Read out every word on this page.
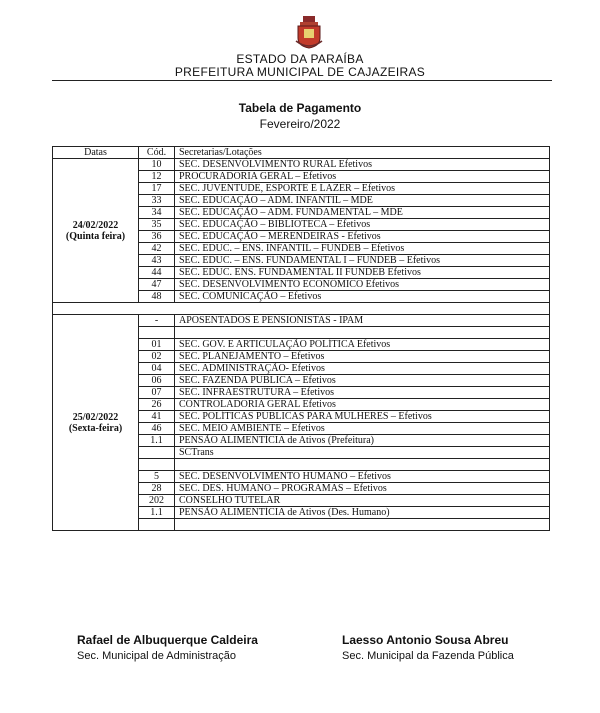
ESTADO DA PARAÍBA
PREFEITURA MUNICIPAL DE CAJAZEIRAS
Tabela de Pagamento
Fevereiro/2022
Datas	Cód.	Secretarias/Lotações

24/02/2022
(Quinta feira)	10	SEC. DESENVOLVIMENTO RURAL Efetivos
	12	PROCURADORIA GERAL – Efetivos
	17	SEC. JUVENTUDE, ESPORTE E LAZER – Efetivos
	33	SEC. EDUCAÇÃO – ADM. INFANTIL – MDE
	34	SEC. EDUCAÇÃO – ADM. FUNDAMENTAL – MDE
	35	SEC. EDUCAÇÃO – BIBLIOTECA – Efetivos
	36	SEC. EDUCAÇÃO – MERENDEIRAS - Efetivos
	42	SEC. EDUC. – ENS. INFANTIL – FUNDEB – Efetivos
	43	SEC. EDUC. – ENS. FUNDAMENTAL I – FUNDEB – Efetivos
	44	SEC. EDUC. ENS. FUNDAMENTAL II FUNDEB Efetivos
	47	SEC. DESENVOLVIMENTO ECONÔMICO Efetivos
	48	SEC. COMUNICAÇÃO – Efetivos

25/02/2022
(Sexta-feira)	-	APOSENTADOS E PENSIONISTAS - IPAM

	01	SEC. GOV. E ARTICULAÇÃO POLÍTICA Efetivos
	02	SEC. PLANEJAMENTO – Efetivos
	04	SEC. ADMINISTRAÇÃO- Efetivos
	06	SEC. FAZENDA PÚBLICA – Efetivos
	07	SEC. INFRAESTRUTURA – Efetivos
	26	CONTROLADORIA GERAL Efetivos
	41	SEC. POLÍTICAS PÚBLICAS PARA MULHERES – Efetivos
	46	SEC. MEIO AMBIENTE – Efetivos
	1.1	PENSÃO ALIMENTÍCIA de Ativos (Prefeitura)
		SCTrans

	5	SEC. DESENVOLVIMENTO HUMANO – Efetivos
	28	SEC. DES. HUMANO – PROGRAMAS – Efetivos
	202	CONSELHO TUTELAR
	1.1	PENSÃO ALIMENTÍCIA de Ativos (Des. Humano)

Rafael de Albuquerque Caldeira
Sec. Municipal de Administração
Laesso Antonio Sousa Abreu
Sec. Municipal da Fazenda Pública
